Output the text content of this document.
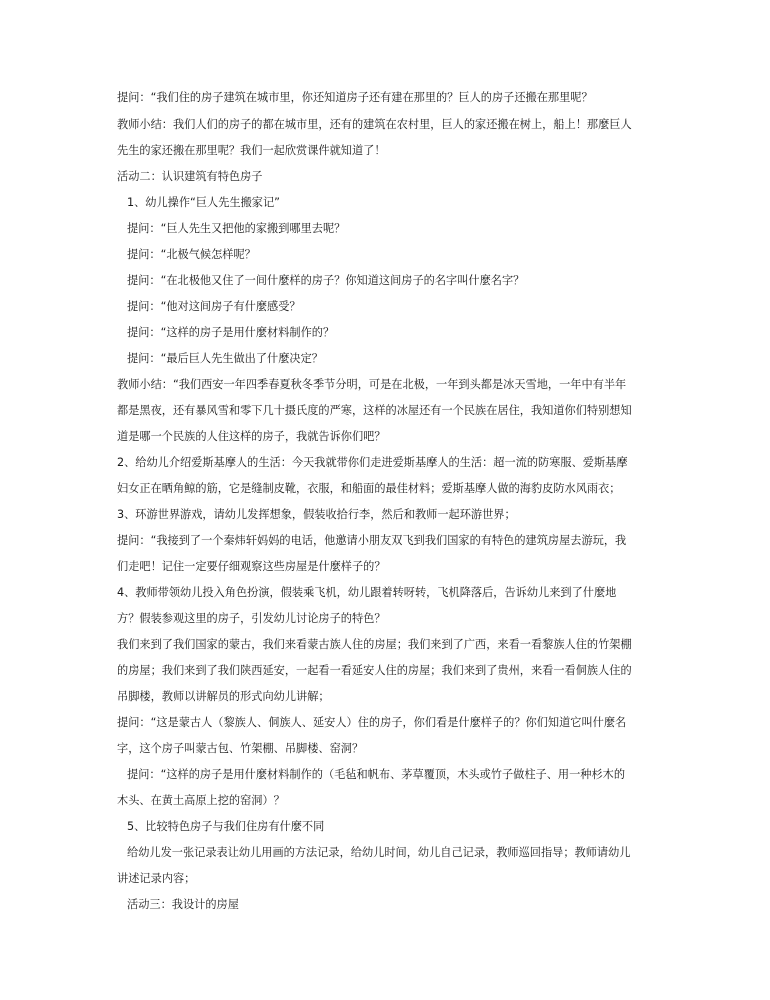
提问：“我们住的房子建筑在城市里，你还知道房子还有建在那里的？巨人的房子还搬在那里呢？
教师小结：我们人们的房子的都在城市里，还有的建筑在农村里，巨人的家还搬在树上，船上！那麼巨人
先生的家还搬在那里呢？我们一起欣赏课件就知道了！
活动二：认识建筑有特色房子
1、幼儿操作“巨人先生搬家记”
提问：“巨人先生又把他的家搬到哪里去呢？
提问：“北极气候怎样呢？
提问：“在北极他又住了一间什麼样的房子？你知道这间房子的名字叫什麼名字？
提问：“他对这间房子有什麼感受？
提问：“这样的房子是用什麼材料制作的？
提问：“最后巨人先生做出了什麼决定？
教师小结：“我们西安一年四季春夏秋冬季节分明，可是在北极，一年到头都是冰天雪地，一年中有半年
都是黑夜，还有暴风雪和零下几十摄氏度的严寒，这样的冰屋还有一个民族在居住，我知道你们特别想知
道是哪一个民族的人住这样的房子，我就告诉你们吧？
2、给幼儿介绍爱斯基摩人的生活：今天我就带你们走进爱斯基摩人的生活：超一流的防寒服、爱斯基摩
妇女正在晒角鲸的筋，它是缝制皮靴，衣服，和船面的最佳材料；爱斯基摩人做的海豹皮防水风雨衣；
3、环游世界游戏，请幼儿发挥想象，假装收拾行李，然后和教师一起环游世界；
提问：“我接到了一个秦炜轩妈妈的电话，他邀请小朋友双飞到我们国家的有特色的建筑房屋去游玩，我
们走吧！记住一定要仔细观察这些房屋是什麼样子的？
4、教师带领幼儿投入角色扮演，假装乘飞机，幼儿跟着转呀转，飞机降落后，告诉幼儿来到了什麼地
方？假装参观这里的房子，引发幼儿讨论房子的特色？
我们来到了我们国家的蒙古，我们来看蒙古族人住的房屋；我们来到了广西，来看一看黎族人住的竹架棚
的房屋；我们来到了我们陕西延安，一起看一看延安人住的房屋；我们来到了贵州，来看一看侗族人住的
吊脚楼，教师以讲解员的形式向幼儿讲解；
提问：“这是蒙古人（黎族人、侗族人、延安人）住的房子，你们看是什麼样子的？你们知道它叫什麼名
字，这个房子叫蒙古包、竹架棚、吊脚楼、窑洞？
提问：“这样的房子是用什麼材料制作的（毛毡和帆布、茅草覆顶，木头或竹子做柱子、用一种杉木的
木头、在黄土高原上挖的窑洞）？
5、比较特色房子与我们住房有什麼不同
给幼儿发一张记录表让幼儿用画的方法记录，给幼儿时间，幼儿自己记录，教师巡回指导；教师请幼儿
讲述记录内容；
活动三：我设计的房屋
